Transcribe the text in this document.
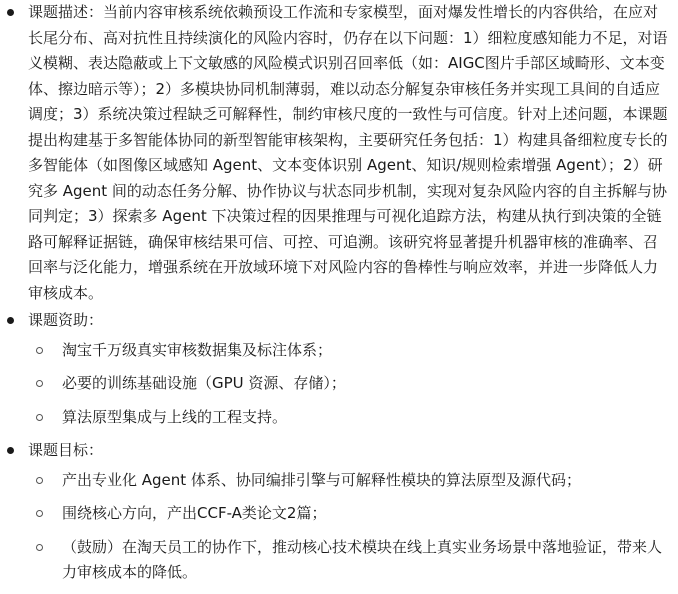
课题描述：当前内容审核系统依赖预设工作流和专家模型，面对爆发性增长的内容供给，在应对长尾分布、高对抗性且持续演化的风险内容时，仍存在以下问题：1）细粒度感知能力不足，对语义模糊、表达隐蔽或上下文敏感的风险模式识别召回率低（如：AIGC图片手部区域畸形、文本变体、擦边暗示等）；2）多模块协同机制薄弱，难以动态分解复杂审核任务并实现工具间的自适应调度；3）系统决策过程缺乏可解释性，制约审核尺度的一致性与可信度。针对上述问题，本课题提出构建基于多智能体协同的新型智能审核架构，主要研究任务包括：1）构建具备细粒度专长的多智能体（如图像区域感知 Agent、文本变体识别 Agent、知识/规则检索增强 Agent）；2）研究多 Agent 间的动态任务分解、协作协议与状态同步机制，实现对复杂风险内容的自主拆解与协同判定；3）探索多 Agent 下决策过程的因果推理与可视化追踪方法，构建从执行到决策的全链路可解释证据链，确保审核结果可信、可控、可追溯。该研究将显著提升机器审核的准确率、召回率与泛化能力，增强系统在开放域环境下对风险内容的鲁棒性与响应效率，并进一步降低人力审核成本。

课题资助：

淘宝千万级真实审核数据集及标注体系；
必要的训练基础设施（GPU 资源、存储）；
算法原型集成与上线的工程支持。

课题目标：

产出专业化 Agent 体系、协同编排引擎与可解释性模块的算法原型及源代码；
围绕核心方向，产出CCF-A类论文2篇；
（鼓励）在淘天员工的协作下，推动核心技术模块在线上真实业务场景中落地验证，带来人力审核成本的降低。
